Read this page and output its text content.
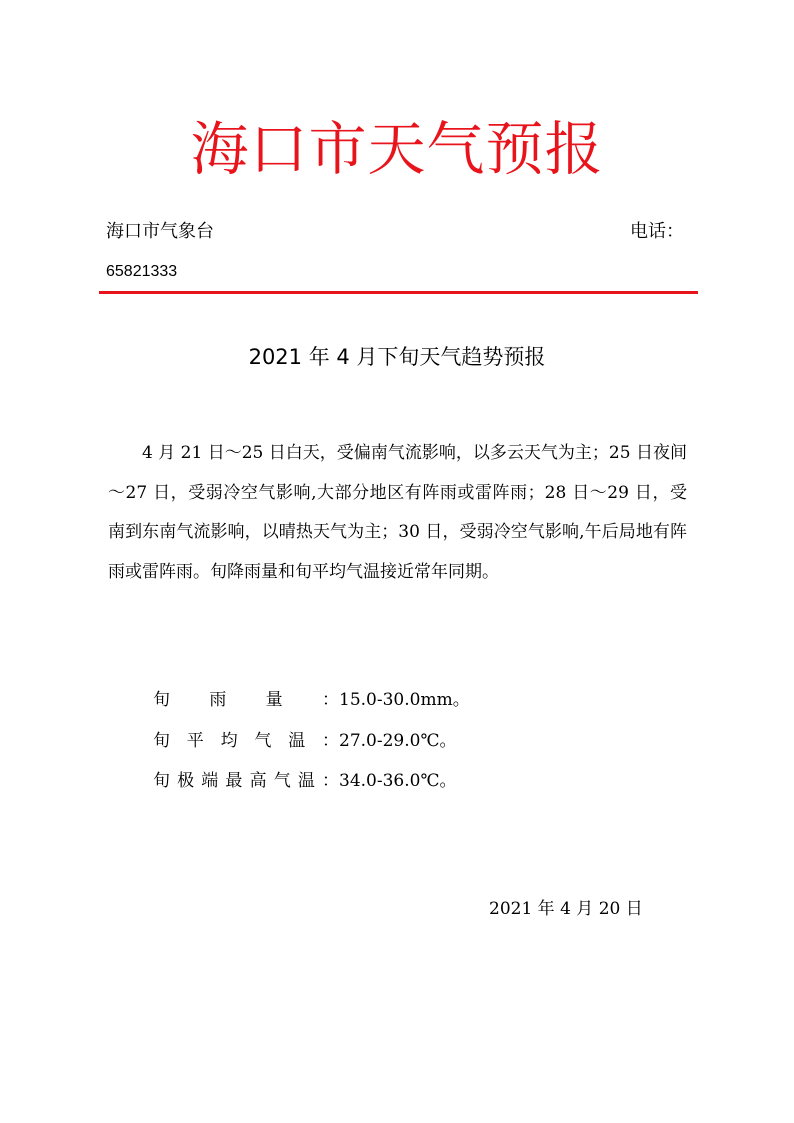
海口市天气预报
海口市气象台	电话：
65821333
2021 年 4 月下旬天气趋势预报

4 月 21 日～25 日白天，受偏南气流影响，以多云天气为主；25 日夜间～27 日，受弱冷空气影响,大部分地区有阵雨或雷阵雨；28 日～29 日，受南到东南气流影响，以晴热天气为主；30 日，受弱冷空气影响,午后局地有阵雨或雷阵雨。旬降雨量和旬平均气温接近常年同期。

旬雨量：15.0-30.0mm。
旬平均气温：27.0-29.0℃。
旬极端最高气温：34.0-36.0℃。
2021 年 4 月 20 日
